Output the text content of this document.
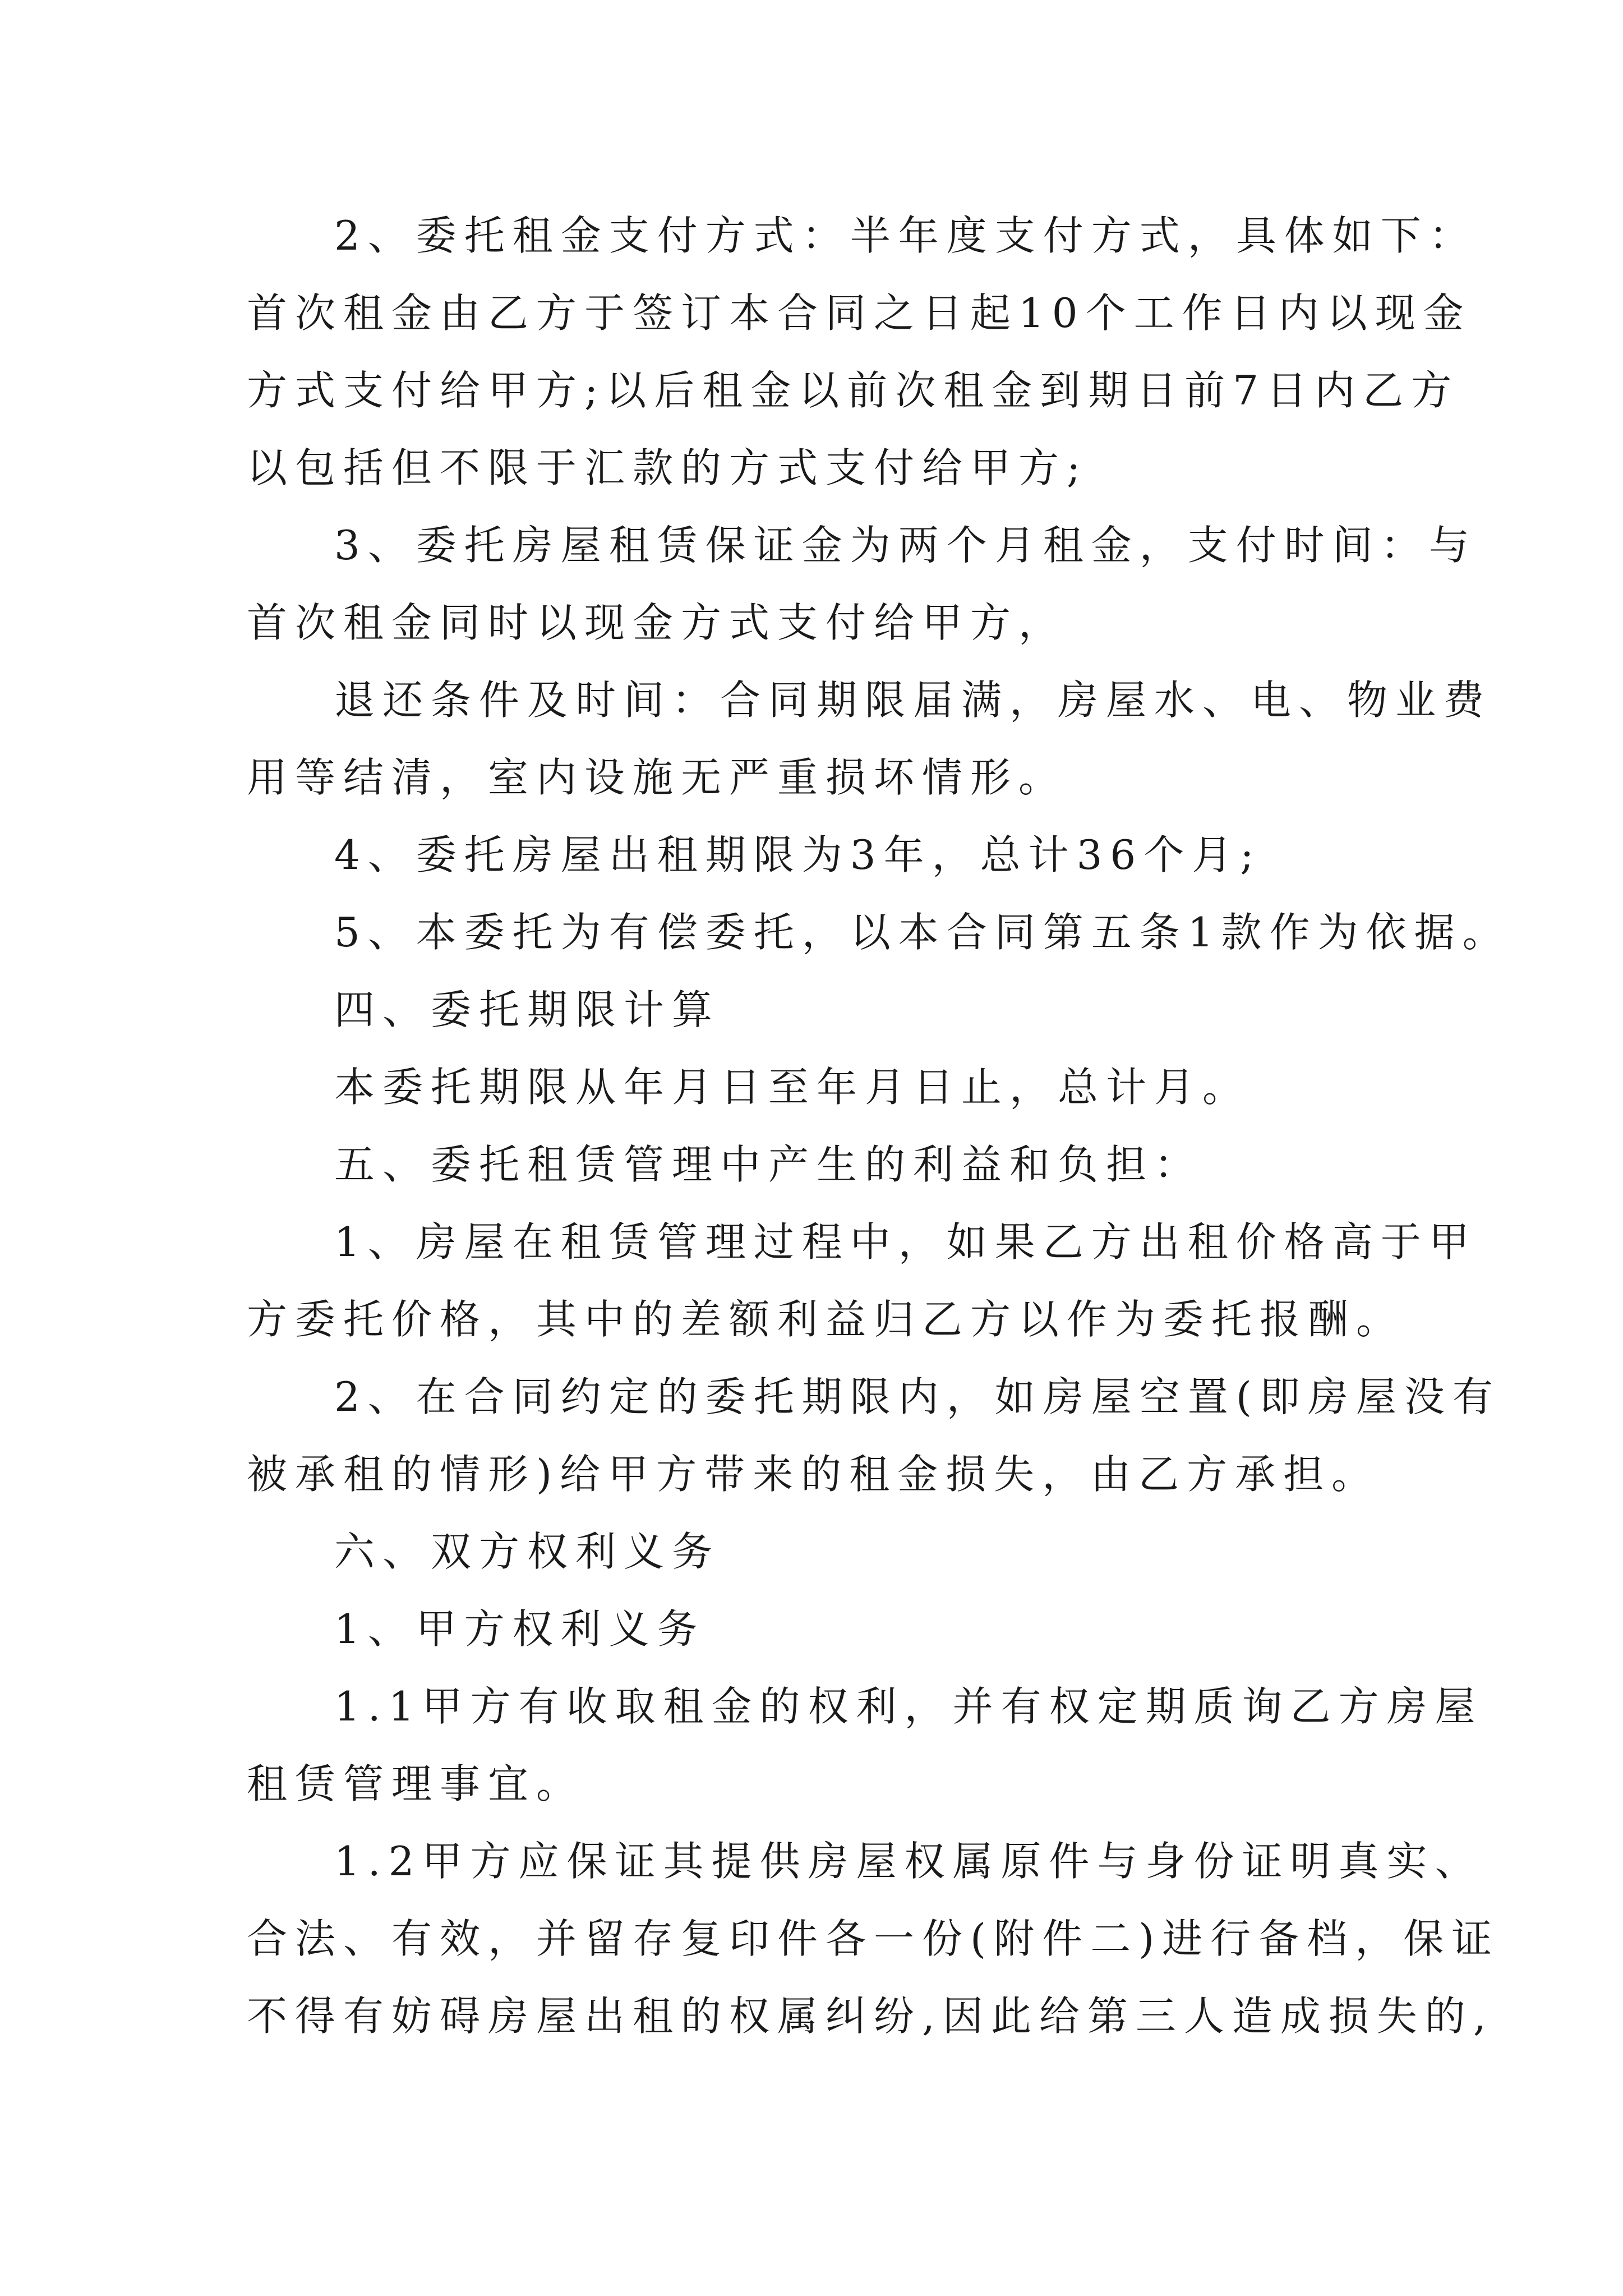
2、委托租金支付方式：半年度支付方式，具体如下：

首次租金由乙方于签订本合同之日起10个工作日内以现金

方式支付给甲方;以后租金以前次租金到期日前7日内乙方

以包括但不限于汇款的方式支付给甲方;

3、委托房屋租赁保证金为两个月租金，支付时间：与

首次租金同时以现金方式支付给甲方，

退还条件及时间：合同期限届满，房屋水、电、物业费

用等结清，室内设施无严重损坏情形。

4、委托房屋出租期限为3年，总计36个月;

5、本委托为有偿委托，以本合同第五条1款作为依据。

四、委托期限计算

本委托期限从年月日至年月日止，总计月。

五、委托租赁管理中产生的利益和负担：

1、房屋在租赁管理过程中，如果乙方出租价格高于甲

方委托价格，其中的差额利益归乙方以作为委托报酬。

2、在合同约定的委托期限内，如房屋空置(即房屋没有

被承租的情形)给甲方带来的租金损失，由乙方承担。

六、双方权利义务

1、甲方权利义务

1.1甲方有收取租金的权利，并有权定期质询乙方房屋

租赁管理事宜。

1.2甲方应保证其提供房屋权属原件与身份证明真实、

合法、有效，并留存复印件各一份(附件二)进行备档，保证

不得有妨碍房屋出租的权属纠纷,因此给第三人造成损失的,
